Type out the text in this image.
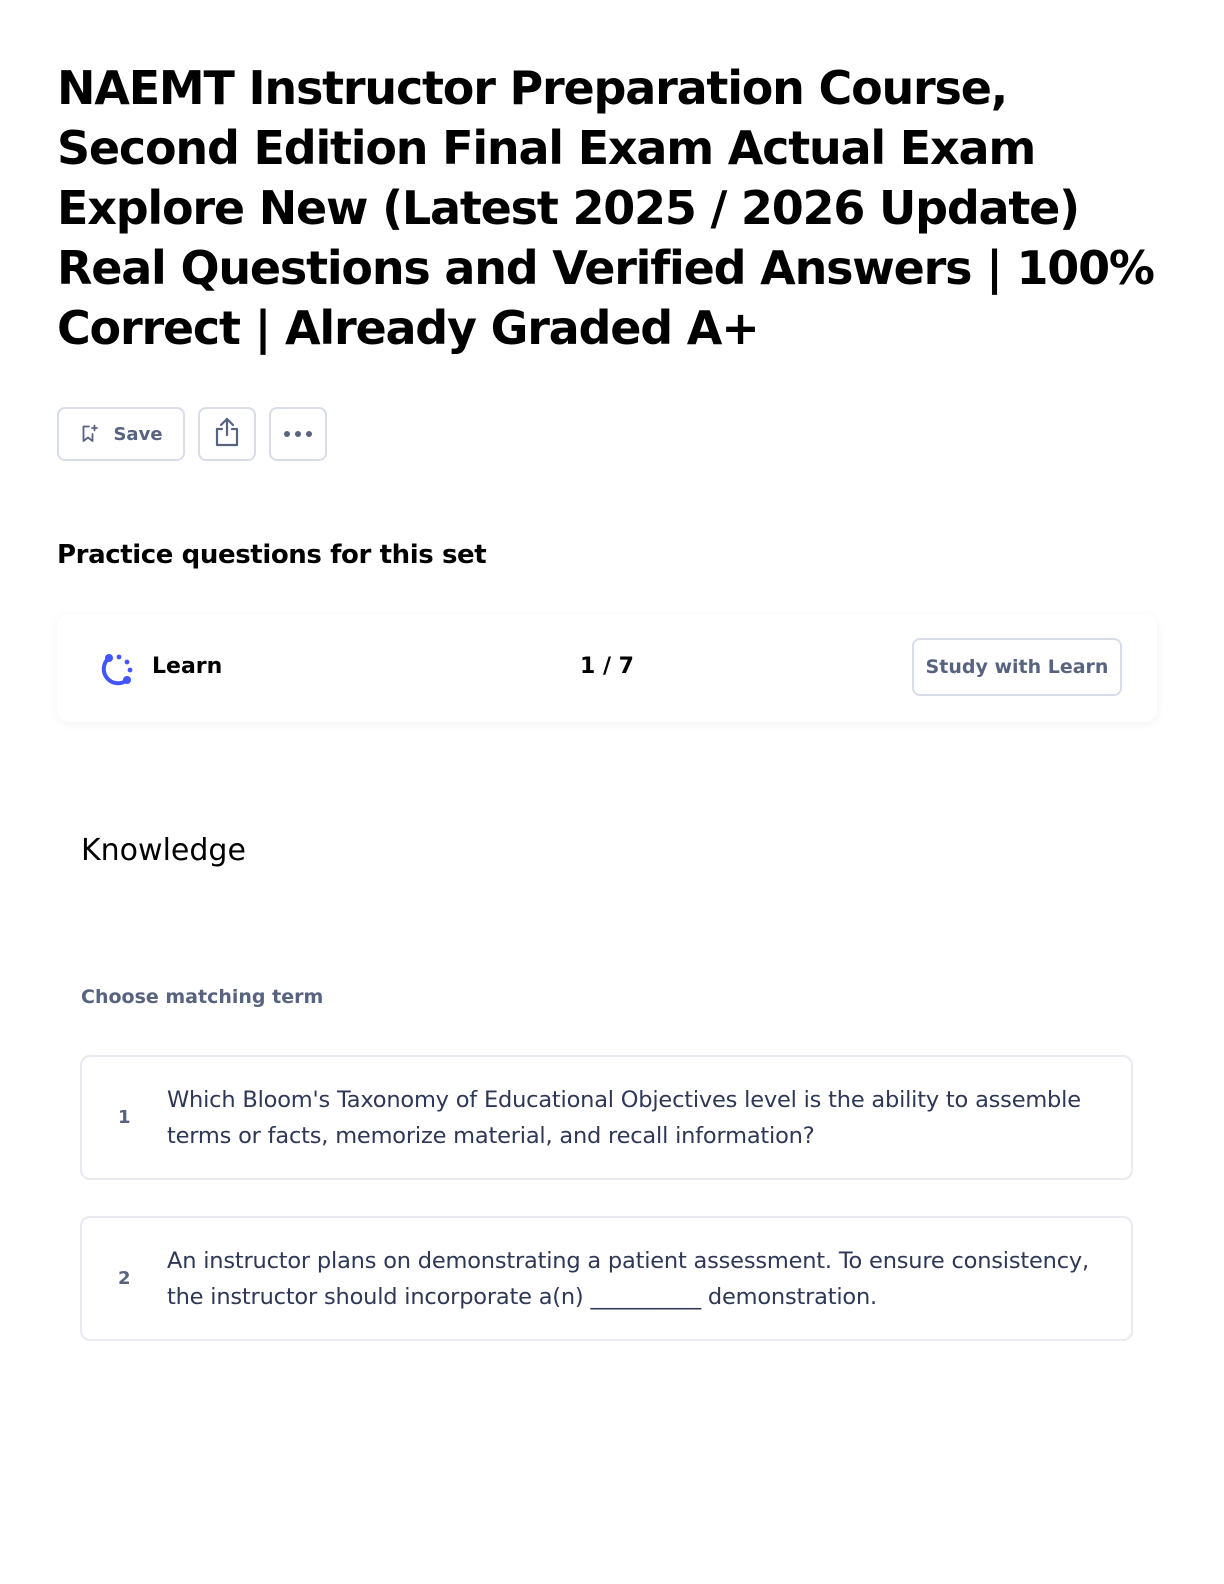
NAEMT Instructor Preparation Course, Second Edition Final Exam Actual Exam Explore New (Latest 2025 / 2026 Update) Real Questions and Verified Answers | 100% Correct | Already Graded A+
Save
Practice questions for this set
Learn	1 / 7	Study with Learn
Knowledge
Choose matching term
1
Which Bloom's Taxonomy of Educational Objectives level is the ability to assemble terms or facts, memorize material, and recall information?
2
An instructor plans on demonstrating a patient assessment. To ensure consistency, the instructor should incorporate a(n) __________ demonstration.
